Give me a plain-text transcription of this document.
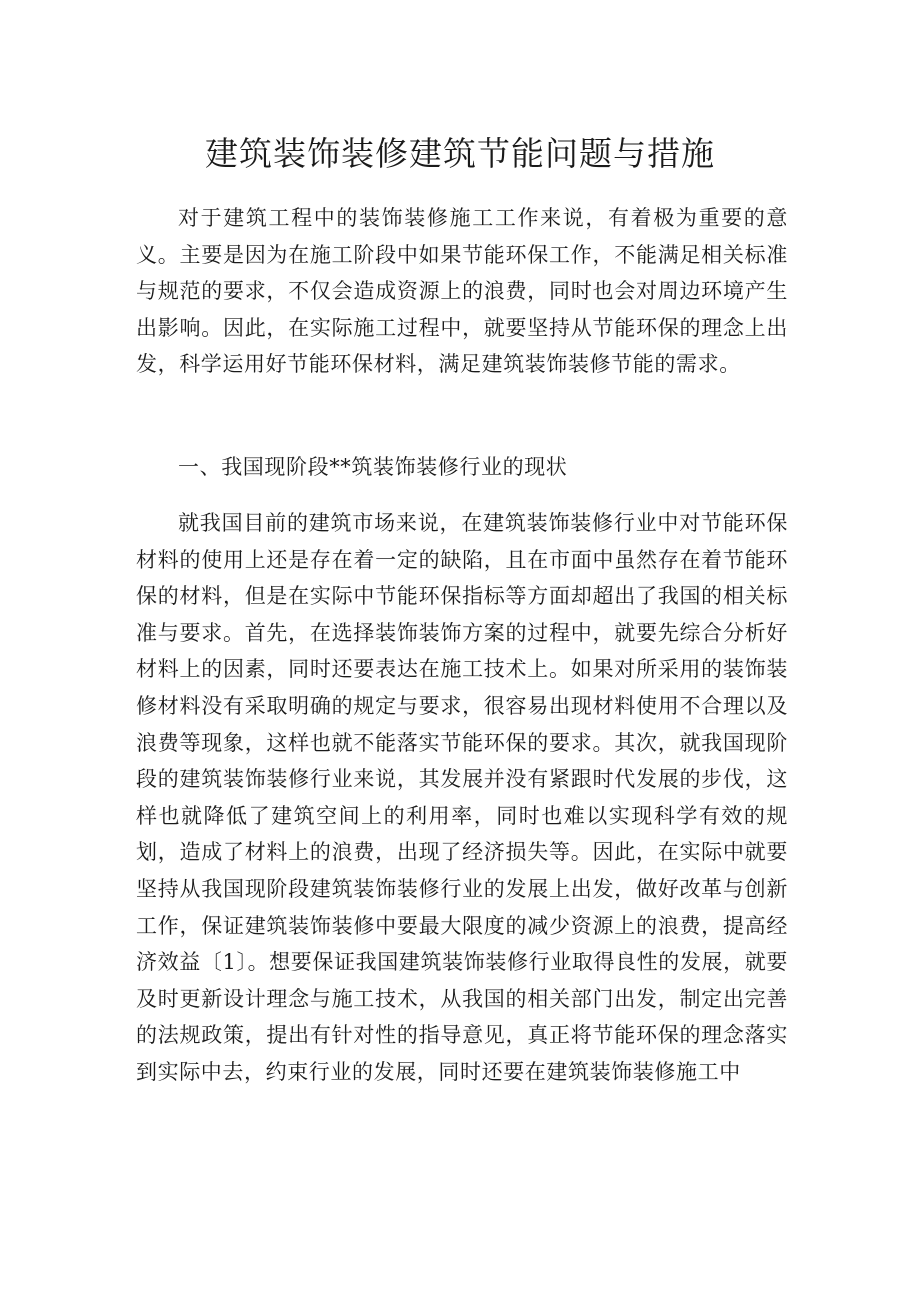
建筑装饰装修建筑节能问题与措施

对于建筑工程中的装饰装修施工工作来说，有着极为重要的意义。主要是因为在施工阶段中如果节能环保工作，不能满足相关标准与规范的要求，不仅会造成资源上的浪费，同时也会对周边环境产生出影响。因此，在实际施工过程中，就要坚持从节能环保的理念上出发，科学运用好节能环保材料，满足建筑装饰装修节能的需求。

一、我国现阶段**筑装饰装修行业的现状

就我国目前的建筑市场来说，在建筑装饰装修行业中对节能环保材料的使用上还是存在着一定的缺陷，且在市面中虽然存在着节能环保的材料，但是在实际中节能环保指标等方面却超出了我国的相关标准与要求。首先，在选择装饰装饰方案的过程中，就要先综合分析好材料上的因素，同时还要表达在施工技术上。如果对所采用的装饰装修材料没有采取明确的规定与要求，很容易出现材料使用不合理以及浪费等现象，这样也就不能落实节能环保的要求。其次，就我国现阶段的建筑装饰装修行业来说，其发展并没有紧跟时代发展的步伐，这样也就降低了建筑空间上的利用率，同时也难以实现科学有效的规划，造成了材料上的浪费，出现了经济损失等。因此，在实际中就要坚持从我国现阶段建筑装饰装修行业的发展上出发，做好改革与创新工作，保证建筑装饰装修中要最大限度的减少资源上的浪费，提高经济效益〔1〕。想要保证我国建筑装饰装修行业取得良性的发展，就要及时更新设计理念与施工技术，从我国的相关部门出发，制定出完善的法规政策，提出有针对性的指导意见，真正将节能环保的理念落实到实际中去，约束行业的发展，同时还要在建筑装饰装修施工中
